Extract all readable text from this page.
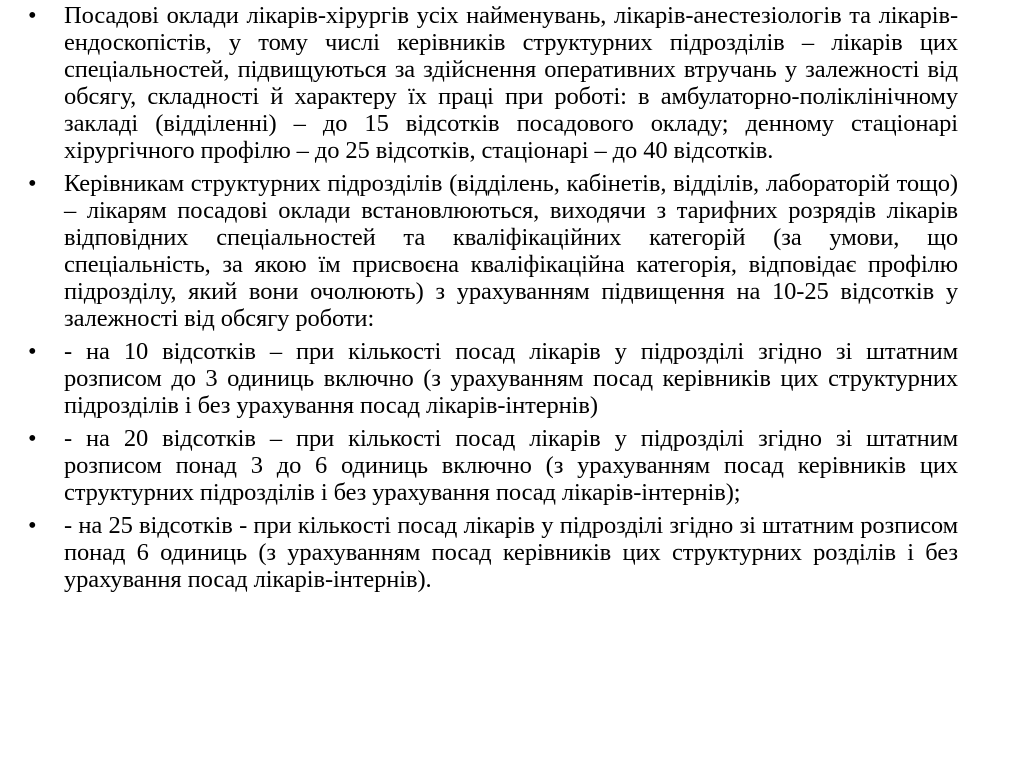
•	Посадові оклади лікарів-хірургів усіх найменувань, лікарів-анестезіологів та лікарів-ендоскопістів, у тому числі керівників структурних підрозділів – лікарів цих спеціальностей, підвищуються за здійснення оперативних втручань у залежності від обсягу, складності й характеру їх праці при роботі: в амбулаторно-поліклінічному закладі (відділенні) – до 15 відсотків посадового окладу; денному стаціонарі хірургічного профілю – до 25 відсотків, стаціонарі – до 40 відсотків.
•	Керівникам структурних підрозділів (відділень, кабінетів, відділів, лабораторій тощо) – лікарям посадові оклади встановлюються, виходячи з тарифних розрядів лікарів відповідних спеціальностей та кваліфікаційних категорій (за умови, що спеціальність, за якою їм присвоєна кваліфікаційна категорія, відповідає профілю підрозділу, який вони очолюють) з урахуванням підвищення на 10-25 відсотків у залежності від обсягу роботи:
•	- на 10 відсотків – при кількості посад лікарів у підрозділі згідно зі штатним розписом до 3 одиниць включно (з урахуванням посад керівників цих структурних підрозділів і без урахування посад лікарів-інтернів)
•	- на 20 відсотків – при кількості посад лікарів у підрозділі згідно зі штатним розписом понад 3 до 6 одиниць включно (з урахуванням посад керівників цих структурних підрозділів і без урахування посад лікарів-інтернів);
•	- на 25 відсотків - при кількості посад лікарів у підрозділі згідно зі штатним розписом понад 6 одиниць (з урахуванням посад керівників цих структурних розділів і без урахування посад лікарів-інтернів).
